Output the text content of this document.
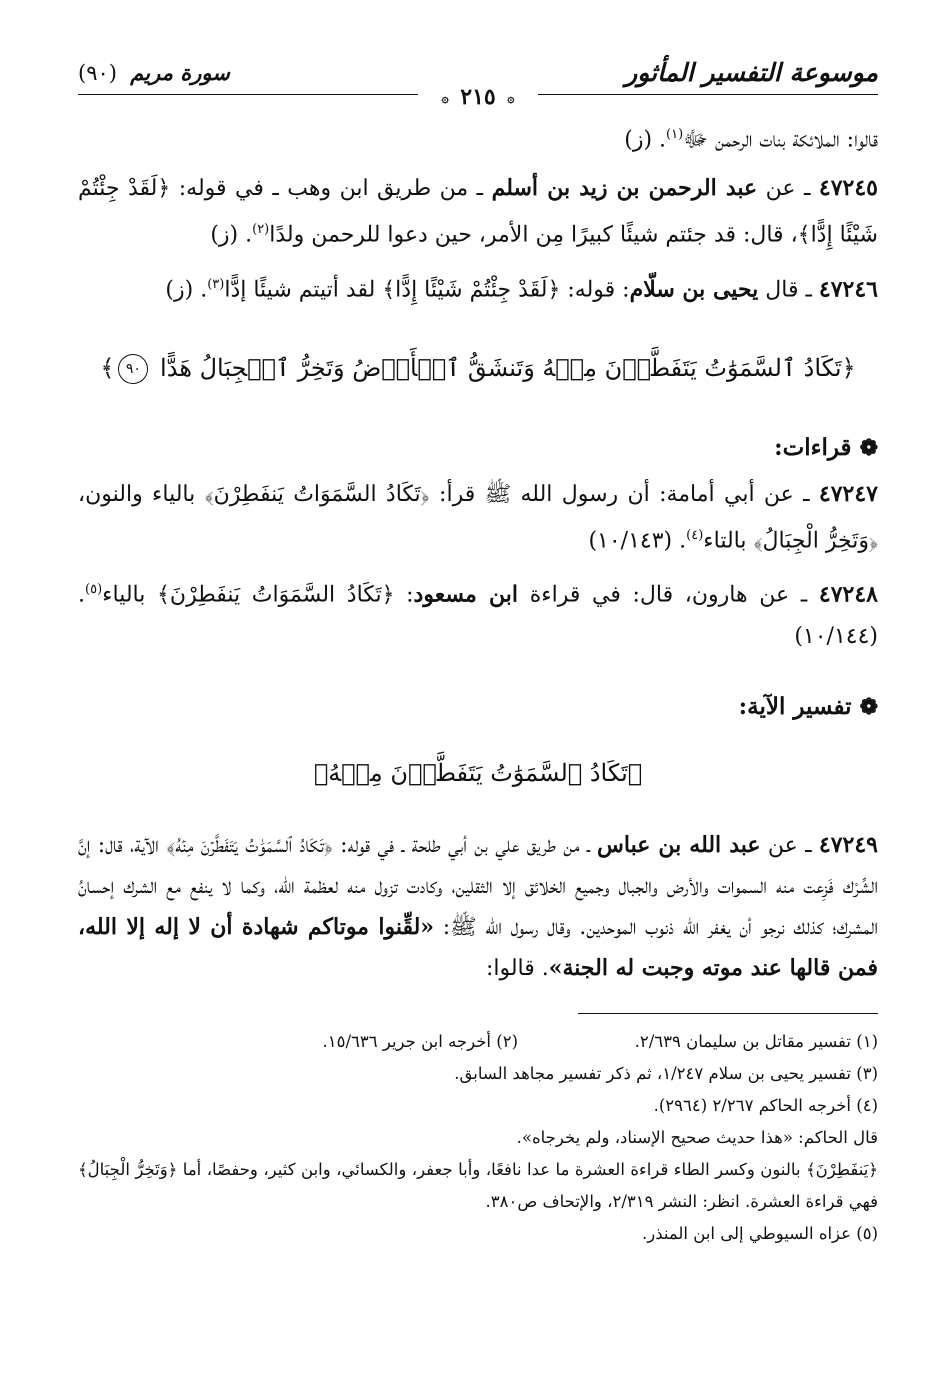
موسوعة التفسير المأثور
سورة مريم (٩٠)
۞ ٢١٥ ۞

قالوا: الملائكة بنات الرحمن ﷻ$^{(١)}$. (ز)

٤٧٢٤٥ ـ عن عبد الرحمن بن زيد بن أسلم ـ من طريق ابن وهب ـ في قوله: ﴿لَقَدْ جِئْتُمْ شَيْئًا إِدًّا﴾، قال: قد جئتم شيئًا كبيرًا مِن الأمر، حين دعوا للرحمن ولدًا$^{(٢)}$. (ز)

٤٧٢٤٦ ـ قال يحيى بن سلّام: قوله: ﴿لَقَدْ جِئْتُمْ شَيْئًا إِدًّا﴾ لقد أتيتم شيئًا إدًّا$^{(٣)}$. (ز)

﴿تَكَادُ ٱلسَّمَوَٰتُ يَتَفَطَّرۡنَ مِنۡهُ وَتَنشَقُّ ٱلۡأَرۡضُ وَتَخِرُّ ٱلۡجِبَالُ هَدًّا ٩٠﴾
❁قراءات:

٤٧٢٤٧ ـ عن أبي أمامة: أن رسول الله ﷺ قرأ: ﴿تَكَادُ السَّمَوَاتُ يَنفَطِرْنَ﴾ بالياء والنون، ﴿وَتَخِرُّ الْجِبَالُ﴾ بالتاء$^{(٤)}$. (١٠/١٤٣)

٤٧٢٤٨ ـ عن هارون، قال: في قراءة ابن مسعود: ﴿تَكَادُ السَّمَوَاتُ يَنفَطِرْنَ﴾ بالياء$^{(٥)}$. (١٠/١٤٤)

❁تفسير الآية:
﴿تَكَادُ ٱلسَّمَوَٰتُ يَتَفَطَّرۡنَ مِنۡهُ﴾

٤٧٢٤٩ ـ عن عبد الله بن عباس ـ من طريق علي بن أبي طلحة ـ في قوله: ﴿تَكَادُ ٱلسَّمَوَٰتُ يَتَفَطَّرۡنَ مِنۡهُ﴾ الآية، قال: إنَّ الشِّرْك فَزِعت منه السموات والأرض والجبال وجميع الخلائق إلا الثقلين، وكادت تزول منه لعظمة الله، وكما لا ينفع مع الشرك إحسانُ المشرك؛ كذلك نرجو أن يغفر الله ذنوب الموحدين. وقال رسول الله ﷺ: «لقِّنوا موتاكم شهادة أن لا إله إلا الله، فمن قالها عند موته وجبت له الجنة». قالوا:

(١) تفسير مقاتل بن سليمان ٢/٦٣٩.

(٢) أخرجه ابن جرير ١٥/٦٣٦.

(٣) تفسير يحيى بن سلام ١/٢٤٧، ثم ذكر تفسير مجاهد السابق.

(٤) أخرجه الحاكم ٢/٢٦٧ (٢٩٦٤).

قال الحاكم: «هذا حديث صحيح الإسناد، ولم يخرجاه».

﴿يَنفَطِرْنَ﴾ بالنون وكسر الطاء قراءة العشرة ما عدا نافعًا، وأبا جعفر، والكسائي، وابن كثير، وحفصًا، أما ﴿وَتَخِرُّ الْجِبَالُ﴾ فهي قراءة العشرة. انظر: النشر ٢/٣١٩، والإتحاف ص٣٨٠.

(٥) عزاه السيوطي إلى ابن المنذر.
